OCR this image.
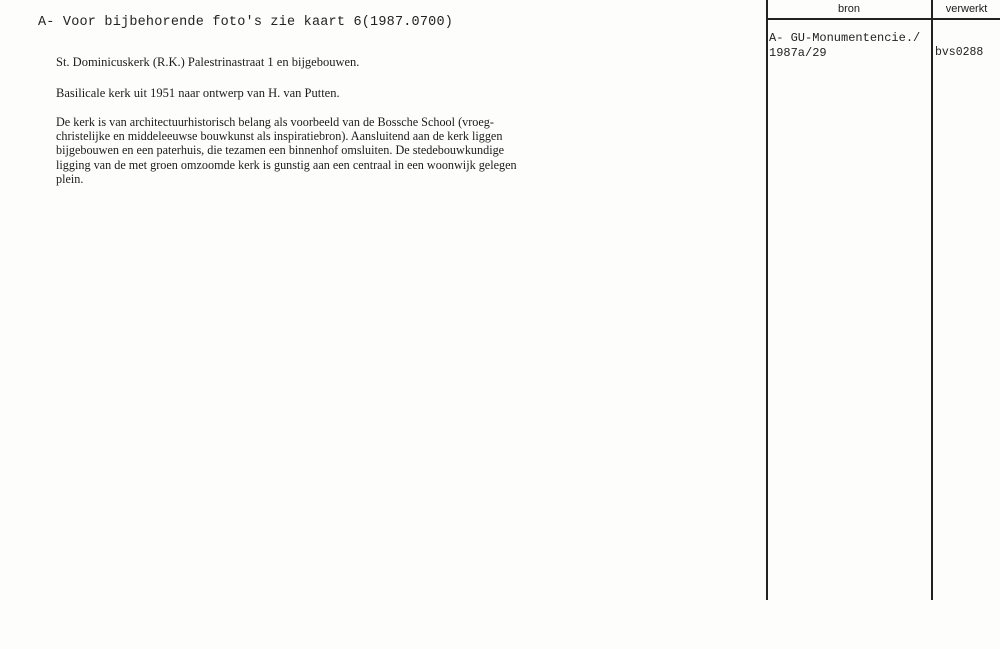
A- Voor bijbehorende foto's zie kaart 6(1987.0700)
St. Dominicuskerk (R.K.) Palestrinastraat 1 en bijgebouwen.
Basilicale kerk uit 1951 naar ontwerp van H. van Putten.

De kerk is van architectuurhistorisch belang als voorbeeld van de Bossche School (vroeg-
christelijke en middeleeuwse bouwkunst als inspiratiebron). Aansluitend aan de kerk liggen
bijgebouwen en een paterhuis, die tezamen een binnenhof omsluiten. De stedebouwkundige
ligging van de met groen omzoomde kerk is gunstig aan een centraal in een woonwijk gelegen
plein.

bron	verwerkt
A- GU-Monumentencie./
1987a/29	bvs0288
